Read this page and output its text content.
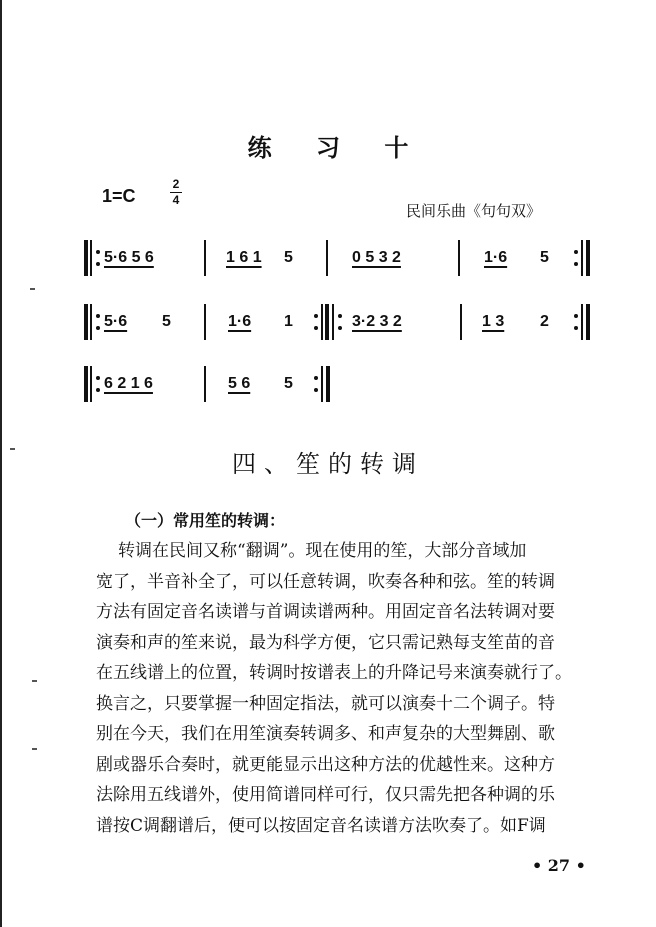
练 习 十
1=C
2
4
民间乐曲《句句双》
5·6 5 6	1 6 1 5	0 5 3 2	1·6 5
5·6 5	1·6 1	3·2 3 2	1 3 2
6 2 1 6	5 6 5
四、笙的转调
（一）常用笙的转调：
转调在民间又称“翻调”。现在使用的笙，大部分音域加
宽了，半音补全了，可以任意转调，吹奏各种和弦。笙的转调
方法有固定音名读谱与首调读谱两种。用固定音名法转调对要
演奏和声的笙来说，最为科学方便，它只需记熟每支笙苗的音
在五线谱上的位置，转调时按谱表上的升降记号来演奏就行了。
换言之，只要掌握一种固定指法，就可以演奏十二个调子。特
别在今天，我们在用笙演奏转调多、和声复杂的大型舞剧、歌
剧或器乐合奏时，就更能显示出这种方法的优越性来。这种方
法除用五线谱外，使用简谱同样可行，仅只需先把各种调的乐
谱按C调翻谱后，便可以按固定音名读谱方法吹奏了。如F调
• 27 •
